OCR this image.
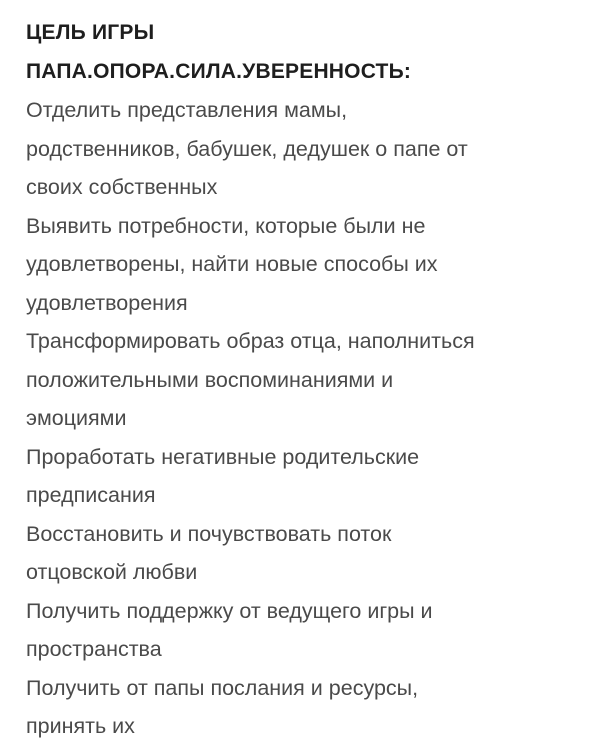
ЦЕЛЬ ИГРЫ
ПАПА.ОПОРА.СИЛА.УВЕРЕННОСТЬ:
Отделить представления мамы,
родственников, бабушек, дедушек о папе от
своих собственных
Выявить потребности, которые были не
удовлетворены, найти новые способы их
удовлетворения
Трансформировать образ отца, наполниться
положительными воспоминаниями и
эмоциями
Проработать негативные родительские
предписания
Восстановить и почувствовать поток
отцовской любви
Получить поддержку от ведущего игры и
пространства
Получить от папы послания и ресурсы,
принять их
